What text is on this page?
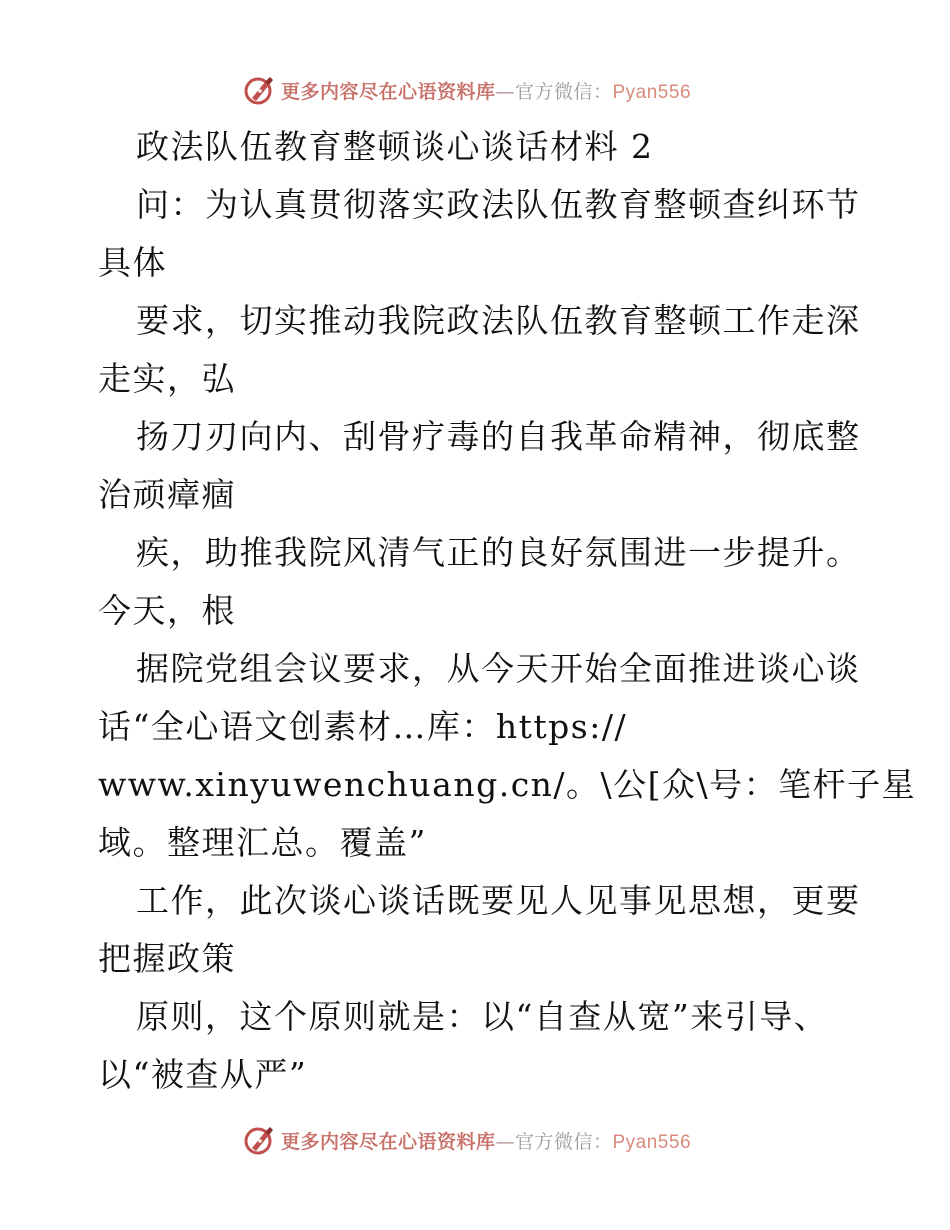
更多内容尽在心语资料库—官方微信：Pyan556
政法队伍教育整顿谈心谈话材料 2
问：为认真贯彻落实政法队伍教育整顿查纠环节
具体
要求，切实推动我院政法队伍教育整顿工作走深
走实，弘
扬刀刃向内、刮骨疗毒的自我革命精神，彻底整
治顽瘴痼
疾，助推我院风清气正的良好氛围进一步提升。
今天，根
据院党组会议要求，从今天开始全面推进谈心谈
话“全心语文创素材…库：https://
www.xinyuwenchuang.cn/。\公[众\号：笔杆子星
域。整理汇总。覆盖”
工作，此次谈心谈话既要见人见事见思想，更要
把握政策
原则，这个原则就是：以“自查从宽”来引导、
以“被查从严”
更多内容尽在心语资料库—官方微信：Pyan556
